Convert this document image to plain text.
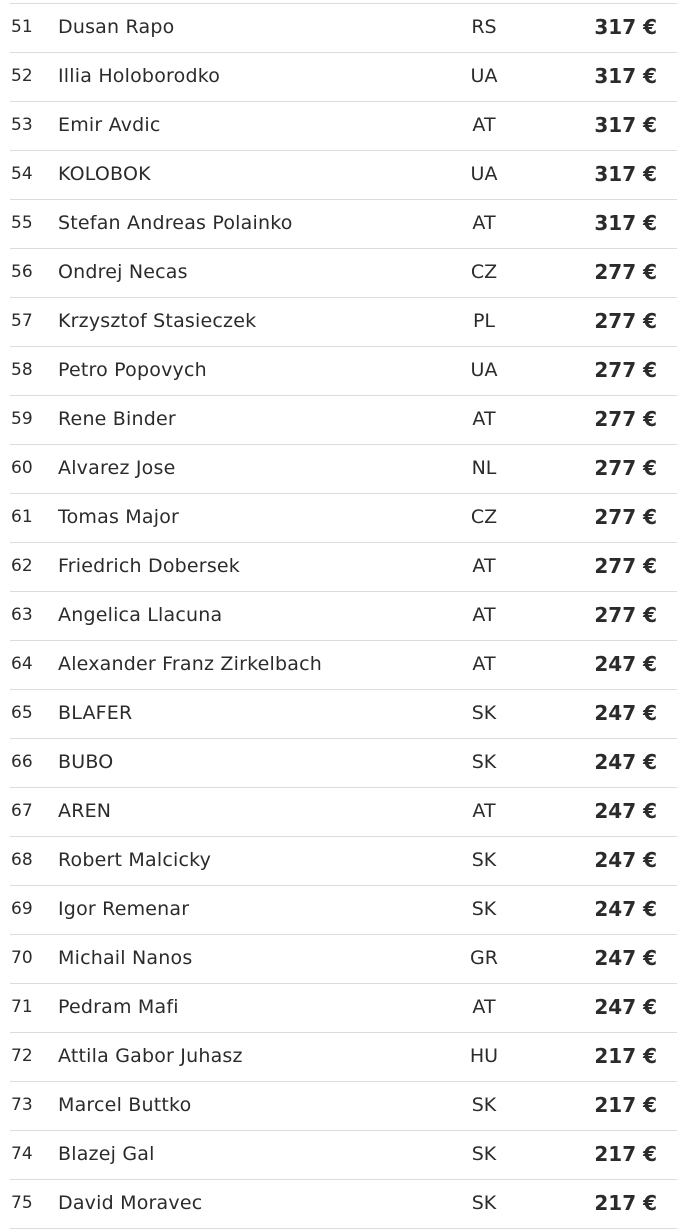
51 Dusan Rapo	RS	317 €
52 Illia Holoborodko	UA	317 €
53 Emir Avdic	AT	317 €
54 KOLOBOK	UA	317 €
55 Stefan Andreas Polainko	AT	317 €
56 Ondrej Necas	CZ	277 €
57 Krzysztof Stasieczek	PL	277 €
58 Petro Popovych	UA	277 €
59 Rene Binder	AT	277 €
60 Alvarez Jose	NL	277 €
61 Tomas Major	CZ	277 €
62 Friedrich Dobersek	AT	277 €
63 Angelica Llacuna	AT	277 €
64 Alexander Franz Zirkelbach	AT	247 €
65 BLAFER	SK	247 €
66 BUBO	SK	247 €
67 AREN	AT	247 €
68 Robert Malcicky	SK	247 €
69 Igor Remenar	SK	247 €
70 Michail Nanos	GR	247 €
71 Pedram Mafi	AT	247 €
72 Attila Gabor Juhasz	HU	217 €
73 Marcel Buttko	SK	217 €
74 Blazej Gal	SK	217 €
75 David Moravec	SK	217 €
